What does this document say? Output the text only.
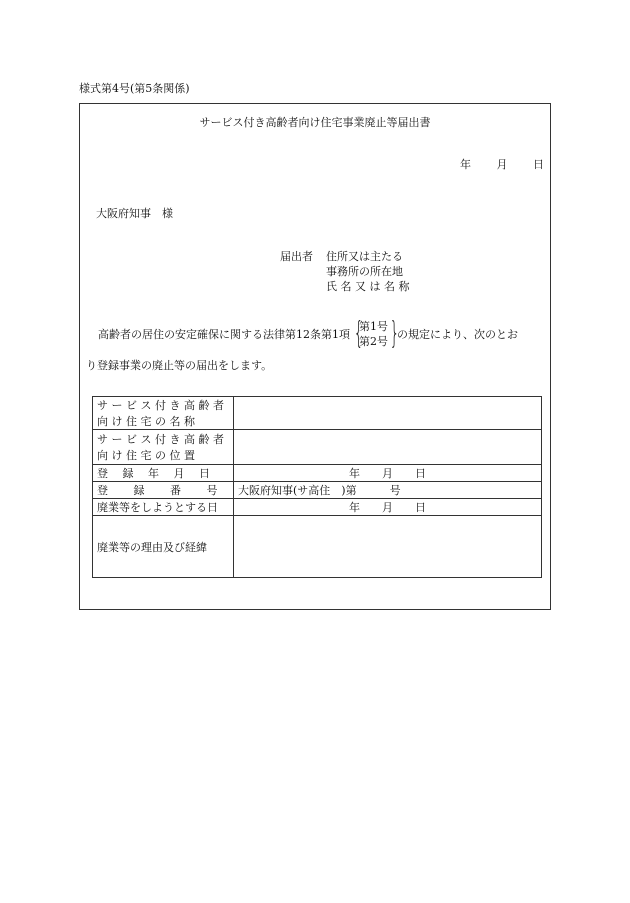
様式第4号(第5条関係)
サービス付き高齢者向け住宅事業廃止等届出書
年 月 日
大阪府知事　様
届出者	住所又は主たる
事務所の所在地
氏 名 又 は 名 称
高齢者の居住の安定確保に関する法律第12条第1項 {
第1号
第2号 }
の規定により、次のとお
り登録事業の廃止等の届出をします。
サ ー ビ ス 付 き 高 齢 者
向 け 住 宅 の 名 称	

サ ー ビ ス 付 き 高 齢 者
向 け 住 宅 の 位 置	

登　 録 　年 　月 　日	年　　月　　日
登　 　録　 　番 　　号	大阪府知事(サ高住　)第　　　号
廃業等をしようとする日	年　　月　　日
廃業等の理由及び経緯	
